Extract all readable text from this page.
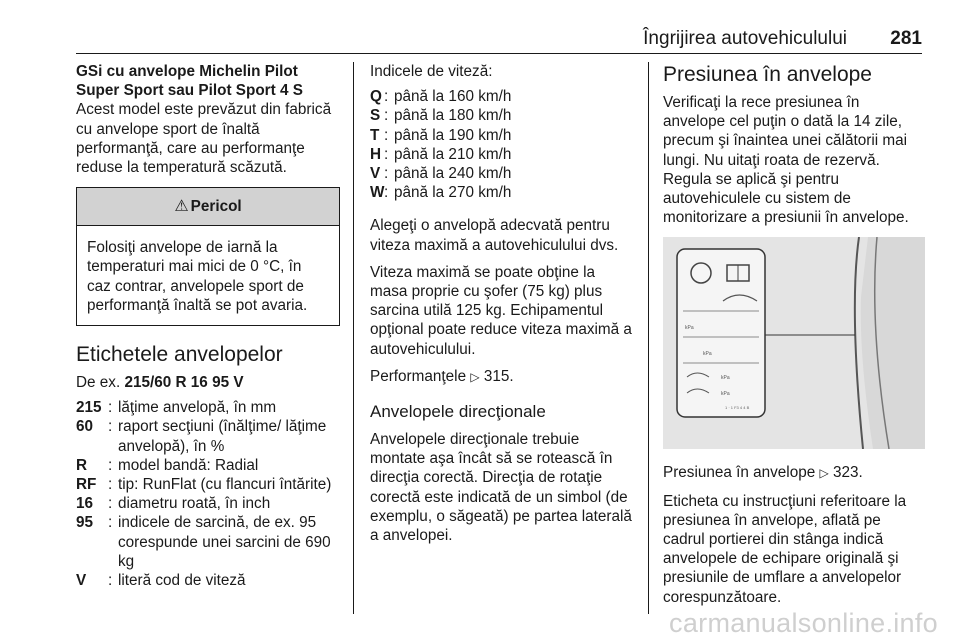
Îngrijirea autovehiculului 281

GSi cu anvelope Michelin Pilot Super Sport sau Pilot Sport 4 S

Acest model este prevăzut din fabrică cu anvelope sport de înaltă performanţă, care au performanţe reduse la temperatură scăzută.

⚠ Pericol
Folosiţi anvelope de iarnă la temperaturi mai mici de 0 °C, în caz contrar, anvelopele sport de performanţă înaltă se pot avaria.
Etichetele anvelopelor

De ex. 215/60 R 16 95 V

215 : lăţime anvelopă, în mm
60 : raport secţiuni (înălţime/ lăţime anvelopă), în %
R	: model bandă: Radial
RF : tip: RunFlat (cu flancuri întărite)
16 : diametru roată, în inch
95 : indicele de sarcină, de ex. 95 corespunde unei sarcini de 690 kg
V	: literă cod de viteză

Indicele de viteză:

Q : până la 160 km/h
S : până la 180 km/h
T : până la 190 km/h
H : până la 210 km/h
V : până la 240 km/h
W : până la 270 km/h

Alegeţi o anvelopă adecvată pentru viteza maximă a autovehiculului dvs.

Viteza maximă se poate obţine la masa proprie cu şofer (75 kg) plus sarcina utilă 125 kg. Echipamentul opţional poate reduce viteza maximă a autovehiculului.

Performanţele ▷ 315.

Anvelopele direcţionale

Anvelopele direcţionale trebuie montate aşa încât să se rotească în direcţia corectă. Direcţia de rotaţie corectă este indicată de un simbol (de exemplu, o săgeată) pe partea laterală a anvelopei.

Presiunea în anvelope

Verificaţi la rece presiunea în anvelope cel puţin o dată la 14 zile, precum şi înaintea unei călătorii mai lungi. Nu uitaţi roata de rezervă. Regula se aplică şi pentru autovehiculele cu sistem de monitorizare a presiunii în anvelope.

kPa
kPa
kPa
kPa
1 · 1 F3 4 4 B

Presiunea în anvelope ▷ 323.

Eticheta cu instrucţiuni referitoare la presiunea în anvelope, aflată pe cadrul portierei din stânga indică anvelopele de echipare originală şi presiunile de umflare a anvelopelor corespunzătoare.

carmanualsonline.info
